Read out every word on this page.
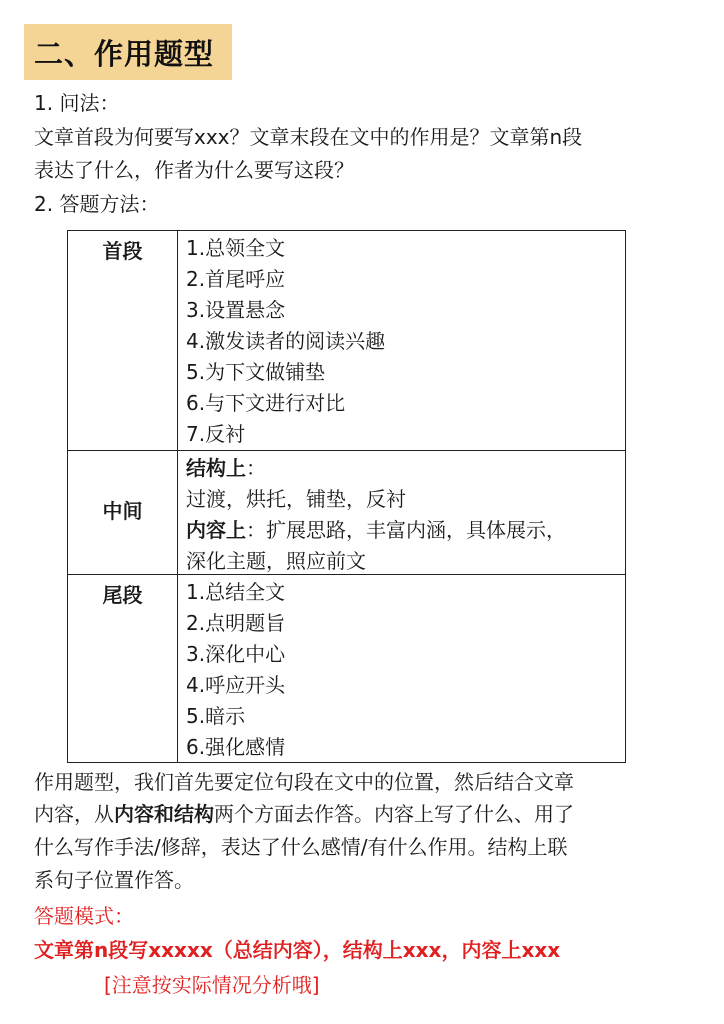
二、作用题型
1. 问法：
文章首段为何要写xxx？文章末段在文中的作用是？文章第n段
表达了什么，作者为什么要写这段？
2. 答题方法：
首段	1.总领全文
2.首尾呼应
3.设置悬念
4.激发读者的阅读兴趣
5.为下文做铺垫
6.与下文进行对比
7.反衬
中间
结构上：
过渡，烘托，铺垫，反衬
内容上：扩展思路，丰富内涵，具体展示，
深化主题，照应前文
尾段	1.总结全文
2.点明题旨
3.深化中心
4.呼应开头
5.暗示
6.强化感情
作用题型，我们首先要定位句段在文中的位置，然后结合文章
内容，从内容和结构两个方面去作答。内容上写了什么、用了
什么写作手法/修辞，表达了什么感情/有什么作用。结构上联
系句子位置作答。
答题模式：
文章第n段写xxxxx（总结内容），结构上xxx，内容上xxx
[注意按实际情况分析哦]
